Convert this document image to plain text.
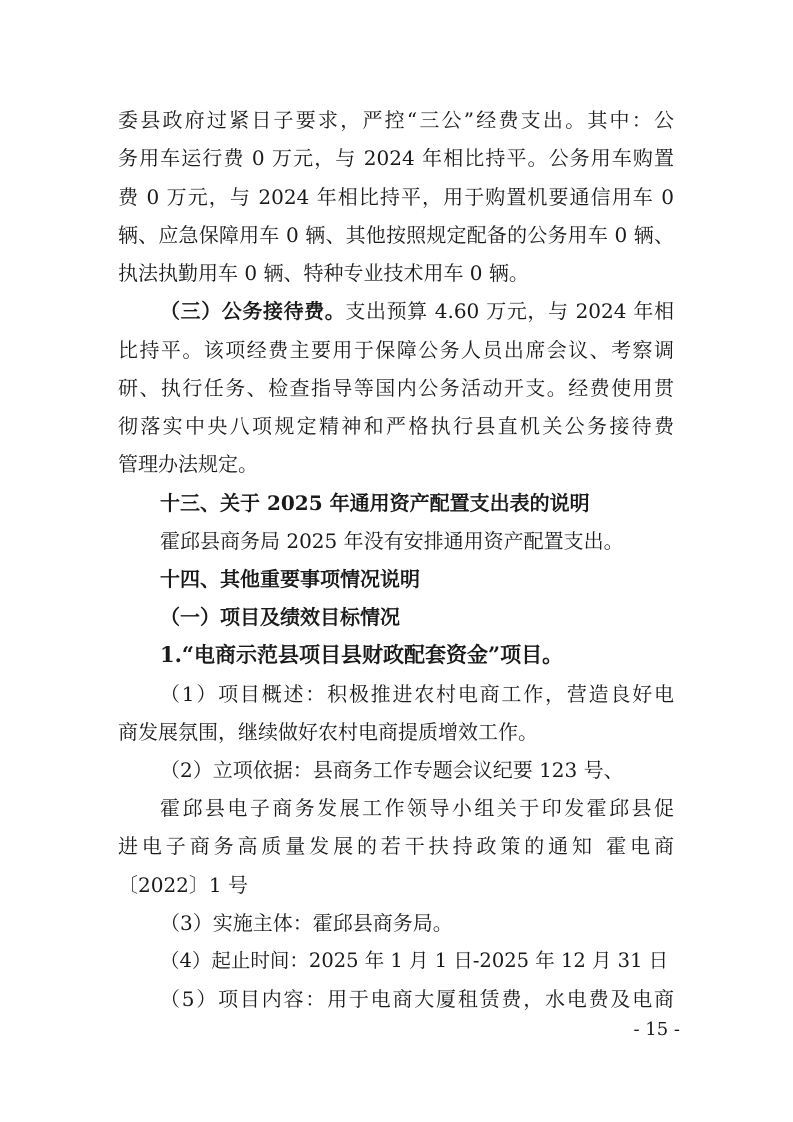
委县政府过紧日子要求，严控“三公”经费支出。其中：公
务用车运行费 0 万元，与 2024 年相比持平。公务用车购置
费 0 万元，与 2024 年相比持平，用于购置机要通信用车 0
辆、应急保障用车 0 辆、其他按照规定配备的公务用车 0 辆、
执法执勤用车 0 辆、特种专业技术用车 0 辆。
（三）公务接待费。支出预算 4.60 万元，与 2024 年相
比持平。该项经费主要用于保障公务人员出席会议、考察调
研、执行任务、检查指导等国内公务活动开支。经费使用贯
彻落实中央八项规定精神和严格执行县直机关公务接待费
管理办法规定。
十三、关于 2025 年通用资产配置支出表的说明
霍邱县商务局 2025 年没有安排通用资产配置支出。
十四、其他重要事项情况说明
（一）项目及绩效目标情况
1.“电商示范县项目县财政配套资金”项目。
（1）项目概述：积极推进农村电商工作，营造良好电
商发展氛围，继续做好农村电商提质增效工作。
（2）立项依据：县商务工作专题会议纪要 123 号、
霍邱县电子商务发展工作领导小组关于印发霍邱县促
进电子商务高质量发展的若干扶持政策的通知 霍电商
〔2022〕1 号
（3）实施主体：霍邱县商务局。
（4）起止时间：2025 年 1 月 1 日-2025 年 12 月 31 日
（5）项目内容：用于电商大厦租赁费，水电费及电商
- 15 -
